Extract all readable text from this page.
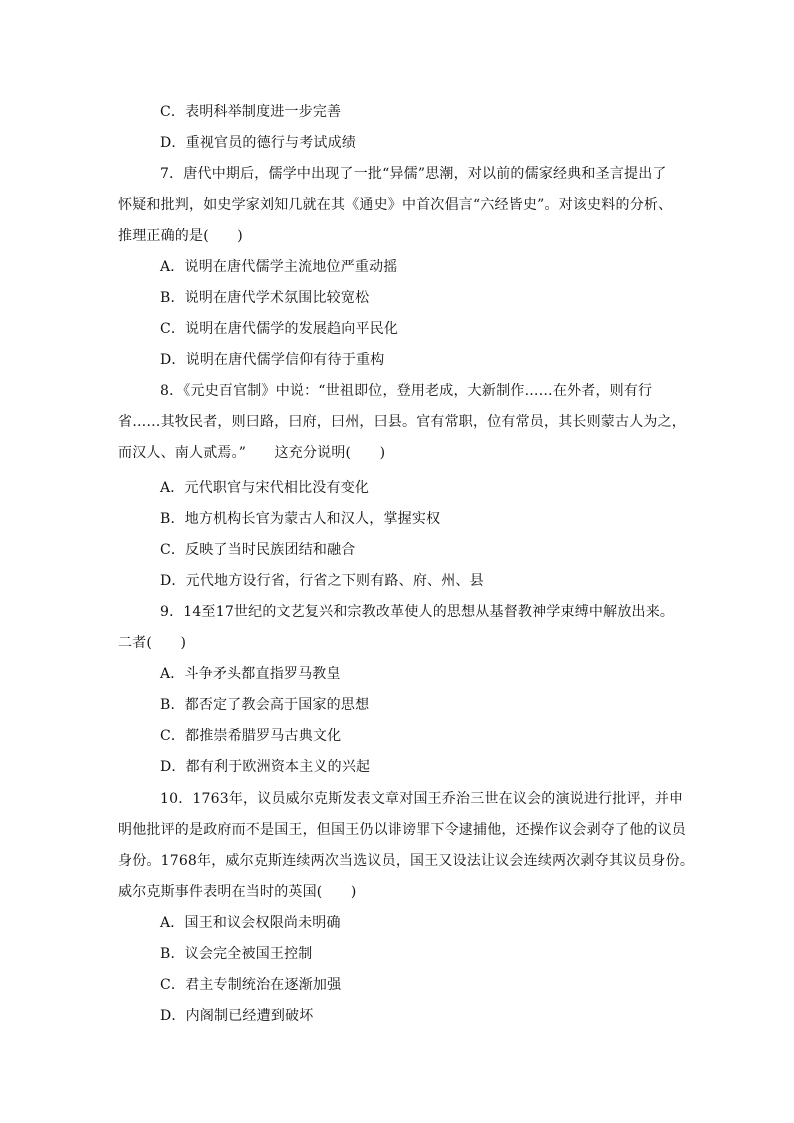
C．表明科举制度进一步完善
D．重视官员的德行与考试成绩
7．唐代中期后，儒学中出现了一批“异儒”思潮，对以前的儒家经典和圣言提出了
怀疑和批判，如史学家刘知几就在其《通史》中首次倡言“六经皆史”。对该史料的分析、
推理正确的是(　　)
A．说明在唐代儒学主流地位严重动摇
B．说明在唐代学术氛围比较宽松
C．说明在唐代儒学的发展趋向平民化
D．说明在唐代儒学信仰有待于重构
8．《元史百官制》中说：“世祖即位，登用老成，大新制作……在外者，则有行
省……其牧民者，则曰路，曰府，曰州，曰县。官有常职，位有常员，其长则蒙古人为之，
而汉人、南人贰焉。”　　这充分说明(　　)
A．元代职官与宋代相比没有变化
B．地方机构长官为蒙古人和汉人，掌握实权
C．反映了当时民族团结和融合
D．元代地方设行省，行省之下则有路、府、州、县
9．14至17世纪的文艺复兴和宗教改革使人的思想从基督教神学束缚中解放出来。
二者(　　)
A．斗争矛头都直指罗马教皇
B．都否定了教会高于国家的思想
C．都推崇希腊罗马古典文化
D．都有利于欧洲资本主义的兴起
10．1763年，议员威尔克斯发表文章对国王乔治三世在议会的演说进行批评，并申
明他批评的是政府而不是国王，但国王仍以诽谤罪下令逮捕他，还操作议会剥夺了他的议员
身份。1768年，威尔克斯连续两次当选议员，国王又设法让议会连续两次剥夺其议员身份。
威尔克斯事件表明在当时的英国(　　)
A．国王和议会权限尚未明确
B．议会完全被国王控制
C．君主专制统治在逐渐加强
D．内阁制已经遭到破坏
